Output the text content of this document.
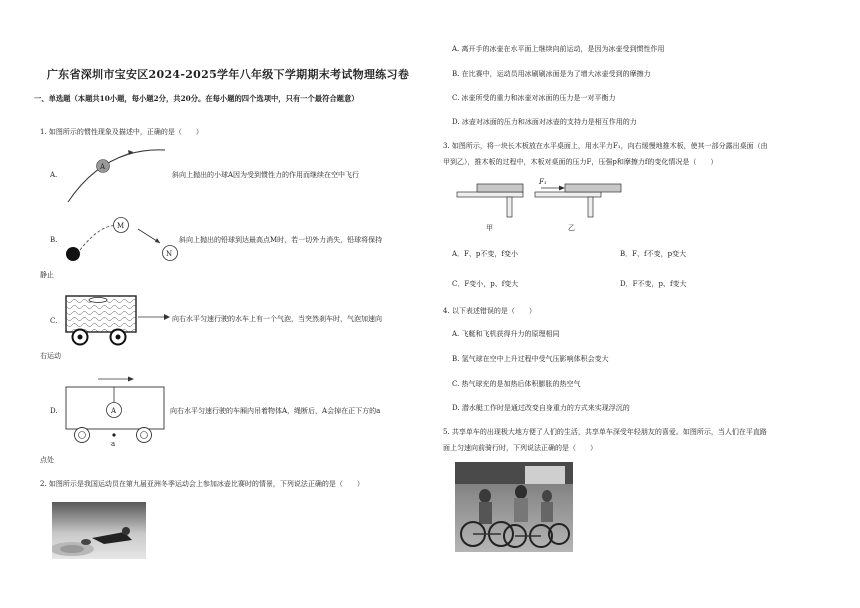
广东省深圳市宝安区2024-2025学年八年级下学期期末考试物理练习卷
一、单选题（本题共10小题，每小题2分，共20分。在每小题的四个选项中，只有一个最符合题意）
1. 如图所示的惯性现象及描述中，正确的是（　　）
A.
A
斜向上抛出的小球A因为受到惯性力的作用而继续在空中飞行
B.
M
N
斜向上抛出的铅球到达最高点M时，若一切外力消失，铅球将保持
静止
C.	向右水平匀速行驶的水车上有一个气泡，当突然刹车时，气泡加速向
右运动
D.	A
a
向右水平匀速行驶的车厢内吊着物体A，绳断后，A会掉在正下方的a
点处
2. 如图所示是我国运动员在第九届亚洲冬季运动会上参加冰壶比赛时的情景，下列说法正确的是（　　）
A. 离开手的冰壶在水平面上继续向前运动，是因为冰壶受到惯性作用
B. 在比赛中，运动员用冰刷刷冰面是为了增大冰壶受到的摩擦力
C. 冰壶所受的重力和冰壶对冰面的压力是一对平衡力
D. 冰壶对冰面的压力和冰面对冰壶的支持力是相互作用的力
3. 如图所示，将一块长木板放在水平桌面上，用水平力F₁，向右缓慢地推木板，使其一部分露出桌面（由
甲到乙），推木板的过程中，木板对桌面的压力F，压强p和摩擦力f的变化情况是（　　）
甲
F₁
乙
A．F、p不变，f变小	B．F、f不变，p变大
C．F变小，p、f变大	D．F不变，p、f变大
4. 以下表述错误的是（　　）
A. 飞艇和飞机获得升力的原理相同
B. 氢气球在空中上升过程中受气压影响体积会变大
C. 热气球充的是加热后体积膨胀的热空气
D. 潜水艇工作时是通过改变自身重力的方式来实现浮沉的
5. 共享单车的出现极大地方便了人们的生活，共享单车深受年轻朋友的喜爱。如图所示，当人们在平直路
面上匀速向前骑行时，下列说法正确的是（　　）
